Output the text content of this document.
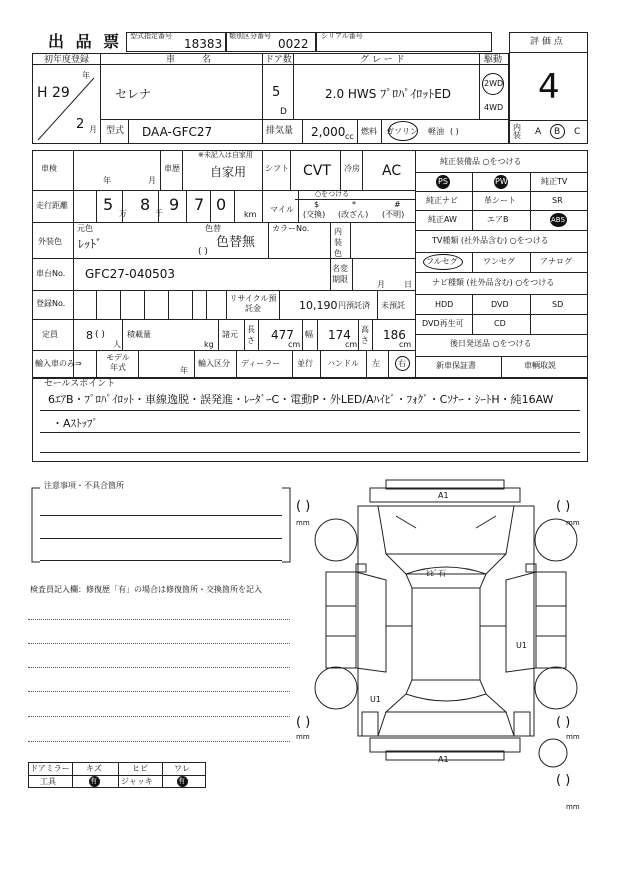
出 品 票 型式指定番号
18383
類別区分番号
0022
シリアル番号
評 価 点
4
初年度登録
H 29
年
2 月
車 名
セレナ
ドア数
5
D
グ レ ー ド
2.0 HWS ﾌﾟﾛﾊﾟｲﾛｯﾄED
駆動
2WD
4WD
型式 DAA-GFC27	排気量 2,000 cc
燃料 ガソリン 軽油 ( )	内装 A B C
車検
年	月
車歴
※未記入は自家用
自家用 シフト CVT 冷房 AC
走行距離 5 万 8 千 9 7 0
km
○をつける
マイル
$
(交換)
*
(改ざん)
#
(不明)
元色
外装色 ﾚｯﾄﾞ
色替
色替無
( )
カラーNo.	内装色
車台No. GFC27-040503	名変期限
月 日
登録No.
リサイクル預託金	10,190 円預託済 未預託
定員	8 ( )
人
積載量
kg
諸元
長さ 477
cm
幅 174
cm
高さ 186
cm
輸入車のみ⇒
モデル年式	年
輸入区分 ディーラー 並行 ハンドル 左 右
純正装備品 ○をつける
PS	PW	純正TV
純正ナビ	革シート	SR
純正AW	エアB	ABS
TV種類 (社外品含む) ○をつける
フルセグ	ワンセグ	アナログ
ナビ種類 (社外品含む) ○をつける
HDD	DVD	SD
DVD再生可	CD
後日発送品 ○をつける
新車保証書	車輌取説
セールスポイント
6ｴｱB・ﾌﾟﾛﾊﾟｲﾛｯﾄ・車線逸脱・誤発進・ﾚｰﾀﾞｰC・電動P・外LED/Aﾊｲﾋﾞ・ﾌｫｸﾞ・Cｿﾅｰ・ｼｰﾄH・純16AW
・Aｽﾄｯﾌﾟ
注意事項・不具合箇所
検査員記入欄：修復歴「有」の場合は修復箇所・交換箇所を記入
ドアミラー キズ	ヒビ	ワレ
工具	有	ジャッキ	有
A1
A1
ﾋﾋﾞ石
U1
U1
( )
mm
( )
mm
( )
mm
( )
mm
( )
mm
